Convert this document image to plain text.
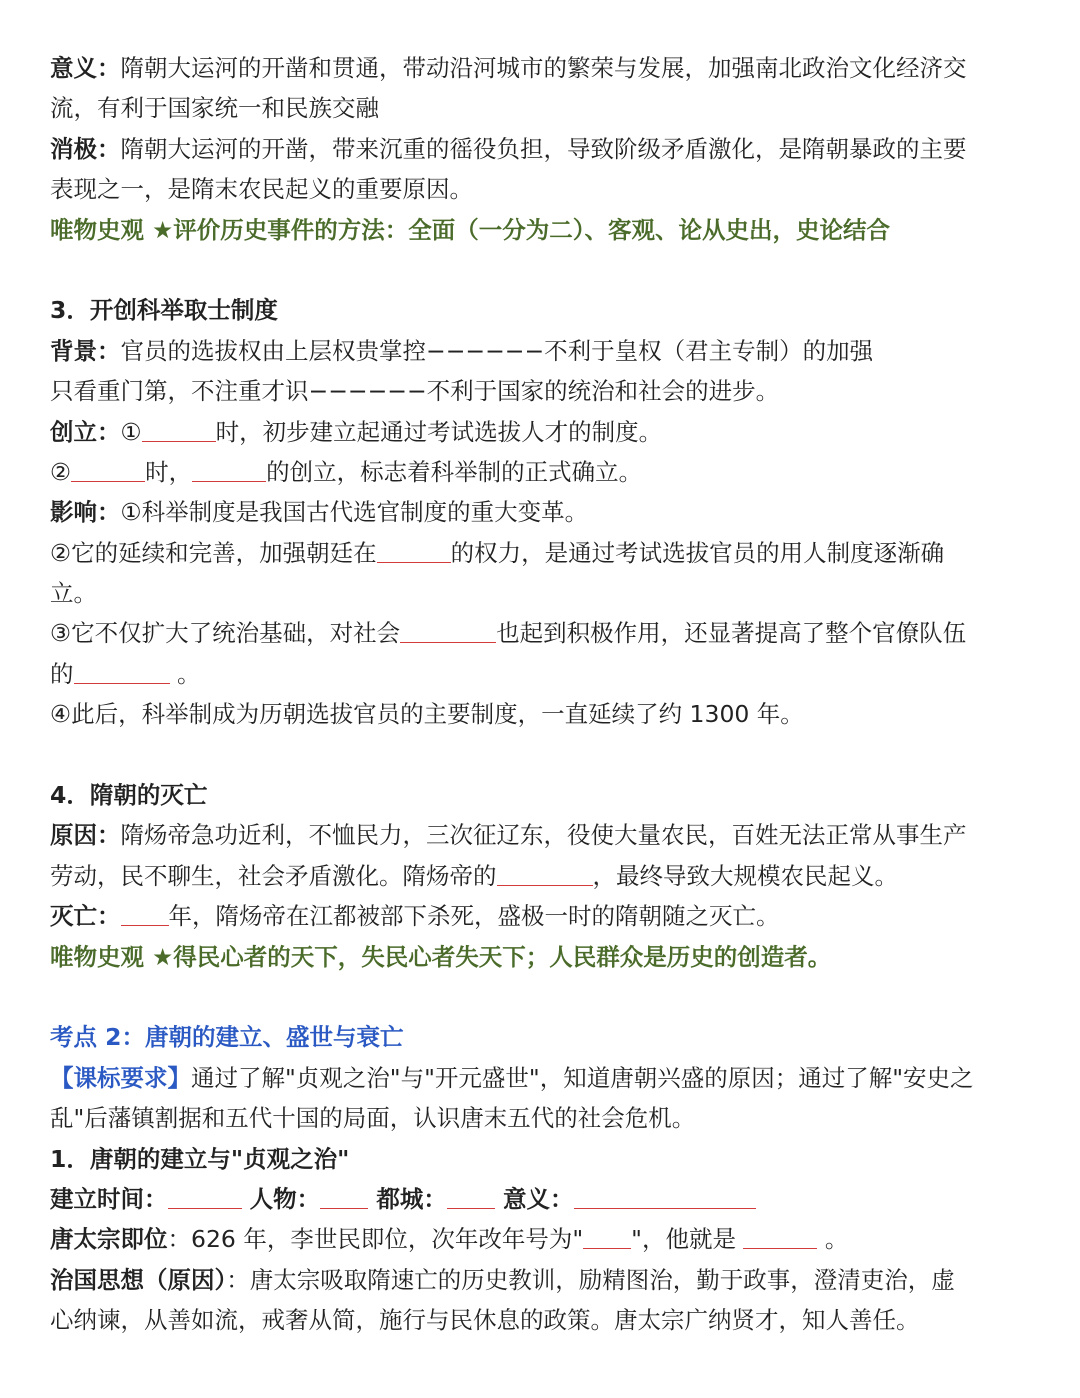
意义：隋朝大运河的开凿和贯通，带动沿河城市的繁荣与发展，加强南北政治文化经济交
流，有利于国家统一和民族交融
消极：隋朝大运河的开凿，带来沉重的徭役负担，导致阶级矛盾激化，是隋朝暴政的主要
表现之一，是隋末农民起义的重要原因。
唯物史观 ★评价历史事件的方法：全面（一分为二）、客观、论从史出，史论结合
3．开创科举取士制度
背景：官员的选拔权由上层权贵掌控−−−−−−不利于皇权（君主专制）的加强
只看重门第，不注重才识−−−−−−不利于国家的统治和社会的进步。
创立：①	时，初步建立起通过考试选拔人才的制度。
②	时，	的创立，标志着科举制的正式确立。
影响：①科举制度是我国古代选官制度的重大变革。
②它的延续和完善，加强朝廷在	的权力，是通过考试选拔官员的用人制度逐渐确
立。
③它不仅扩大了统治基础，对社会	也起到积极作用，还显著提高了整个官僚队伍
的	。
④此后，科举制成为历朝选拔官员的主要制度，一直延续了约 1300 年。
4．隋朝的灭亡
原因：隋炀帝急功近利，不恤民力，三次征辽东，役使大量农民，百姓无法正常从事生产
劳动，民不聊生，社会矛盾激化。隋炀帝的	，最终导致大规模农民起义。
灭亡： 年，隋炀帝在江都被部下杀死，盛极一时的隋朝随之灭亡。
唯物史观 ★得民心者的天下，失民心者失天下；人民群众是历史的创造者。
考点 2：唐朝的建立、盛世与衰亡
【课标要求】通过了解"贞观之治"与"开元盛世"，知道唐朝兴盛的原因；通过了解"安史之
乱"后藩镇割据和五代十国的局面，认识唐末五代的社会危机。
1．唐朝的建立与"贞观之治"
建立时间：	人物： 都城： 意义：
唐太宗即位：626 年，李世民即位，次年改年号为" "，他就是	。
治国思想（原因）：唐太宗吸取隋速亡的历史教训，励精图治，勤于政事，澄清吏治，虚
心纳谏，从善如流，戒奢从简，施行与民休息的政策。唐太宗广纳贤才，知人善任。
